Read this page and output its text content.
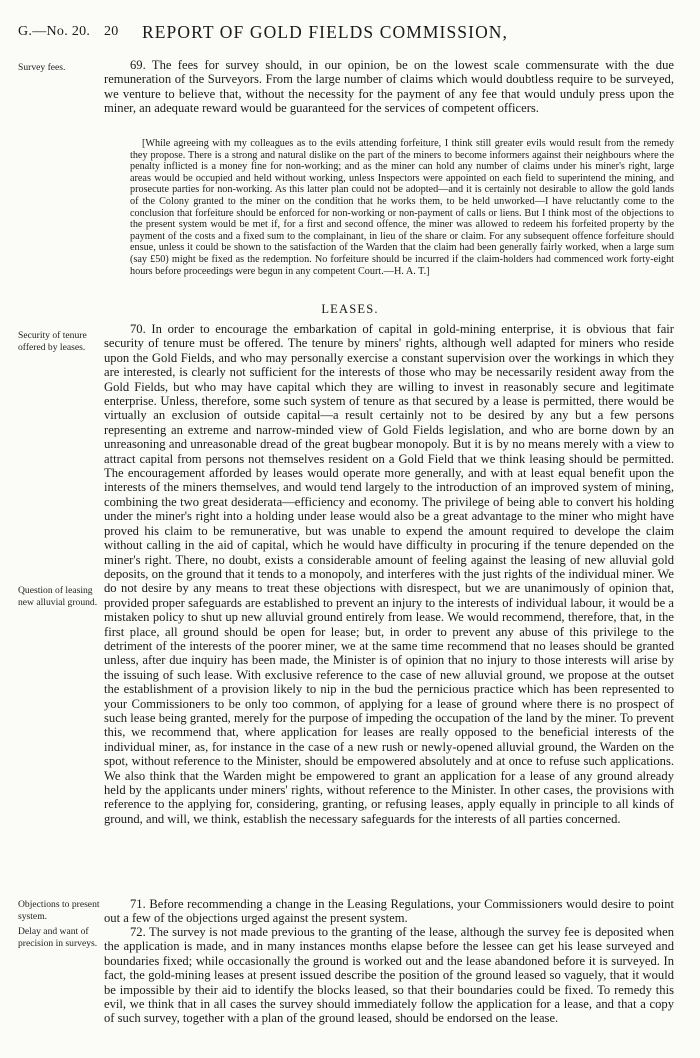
G.—No. 20. 20 REPORT OF GOLD FIELDS COMMISSION,
Survey fees.	69. The fees for survey should, in our opinion, be on the lowest scale commensurate with the due remuneration of the Surveyors. From the large number of claims which would doubtless require to be surveyed, we venture to believe that, without the necessity for the payment of any fee that would unduly press upon the miner, an adequate reward would be guaranteed for the services of competent officers.

[While agreeing with my colleagues as to the evils attending forfeiture, I think still greater evils would result from the remedy they propose. There is a strong and natural dislike on the part of the miners to become informers against their neighbours where the penalty inflicted is a money fine for non-working; and as the miner can hold any number of claims under his miner's right, large areas would be occupied and held without working, unless Inspectors were appointed on each field to superintend the mining, and prosecute parties for non-working. As this latter plan could not be adopted—and it is certainly not desirable to allow the gold lands of the Colony granted to the miner on the condition that he works them, to be held unworked—I have reluctantly come to the conclusion that forfeiture should be enforced for non-working or non-payment of calls or liens. But I think most of the objections to the present system would be met if, for a first and second offence, the miner was allowed to redeem his forfeited property by the payment of the costs and a fixed sum to the complainant, in lieu of the share or claim. For any subsequent offence forfeiture should ensue, unless it could be shown to the satisfaction of the Warden that the claim had been generally fairly worked, when a large sum (say £50) might be fixed as the redemption. No forfeiture should be incurred if the claim-holders had commenced work forty-eight hours before proceedings were begun in any competent Court.—H. A. T.]

LEASES.
Security of tenure offered by leases.

70. In order to encourage the embarkation of capital in gold-mining enterprise, it is obvious that fair security of tenure must be offered. The tenure by miners' rights, although well adapted for miners who reside upon the Gold Fields, and who may personally exercise a constant supervision over the workings in which they are interested, is clearly not sufficient for the interests of those who may be necessarily resident away from the Gold Fields, but who may have capital which they are willing to invest in reasonably secure and legitimate enterprise. Unless, therefore, some such system of tenure as that secured by a lease is permitted, there would be virtually an exclusion of outside capital—a result certainly not to be desired by any but a few persons representing an extreme and narrow-minded view of Gold Fields legislation, and who are borne down by an unreasoning and unreasonable dread of the great bugbear monopoly. But it is by no means merely with a view to attract capital from persons not themselves resident on a Gold Field that we think leasing should be permitted. The encouragement afforded by leases would operate more generally, and with at least equal benefit upon the interests of the miners themselves, and would tend largely to the introduction of an improved system of mining, combining the two great desiderata—efficiency and economy. The privilege of being able to convert his holding under the miner's right into a holding under lease would also be a great advantage to the miner who might have proved his claim to be remunerative, but was unable to expend the amount required to develope the claim without calling in the aid of capital, which he would have difficulty in procuring if the tenure depended on the miner's right. There, no doubt, exists a considerable amount of feeling against the leasing of new alluvial gold deposits, on the ground that it tends to a monopoly, and interferes with the just rights of the individual miner. We do not desire by any means to treat these objections with disrespect, but we are unanimously of opinion that, provided proper safeguards are established to prevent an injury to the interests of individual labour, it would be a mistaken policy to shut up new alluvial ground entirely from lease. We would recommend, therefore, that, in the first place, all ground should be open for lease; but, in order to prevent any abuse of this privilege to the detriment of the interests of the poorer miner, we at the same time recommend that no leases should be granted unless, after due inquiry has been made, the Minister is of opinion that no injury to those interests will arise by the issuing of such lease. With exclusive reference to the case of new alluvial ground, we propose at the outset the establishment of a provision likely to nip in the bud the pernicious practice which has been represented to your Commissioners to be only too common, of applying for a lease of ground where there is no prospect of such lease being granted, merely for the purpose of impeding the occupation of the land by the miner. To prevent this, we recommend that, where application for leases are really opposed to the beneficial interests of the individual miner, as, for instance in the case of a new rush or newly-opened alluvial ground, the Warden on the spot, without reference to the Minister, should be empowered absolutely and at once to refuse such applications. We also think that the Warden might be empowered to grant an application for a lease of any ground already held by the applicants under miners' rights, without reference to the Minister. In other cases, the provisions with reference to the applying for, considering, granting, or refusing leases, apply equally in principle to all kinds of ground, and will, we think, establish the necessary safeguards for the interests of all parties concerned.

Question of leasing new alluvial ground.
Objections to present system.

71. Before recommending a change in the Leasing Regulations, your Commissioners would desire to point out a few of the objections urged against the present system.

Delay and want of precision in surveys.

72. The survey is not made previous to the granting of the lease, although the survey fee is deposited when the application is made, and in many instances months elapse before the lessee can get his lease surveyed and boundaries fixed; while occasionally the ground is worked out and the lease abandoned before it is surveyed. In fact, the gold-mining leases at present issued describe the position of the ground leased so vaguely, that it would be impossible by their aid to identify the blocks leased, so that their boundaries could be fixed. To remedy this evil, we think that in all cases the survey should immediately follow the application for a lease, and that a copy of such survey, together with a plan of the ground leased, should be endorsed on the lease.
